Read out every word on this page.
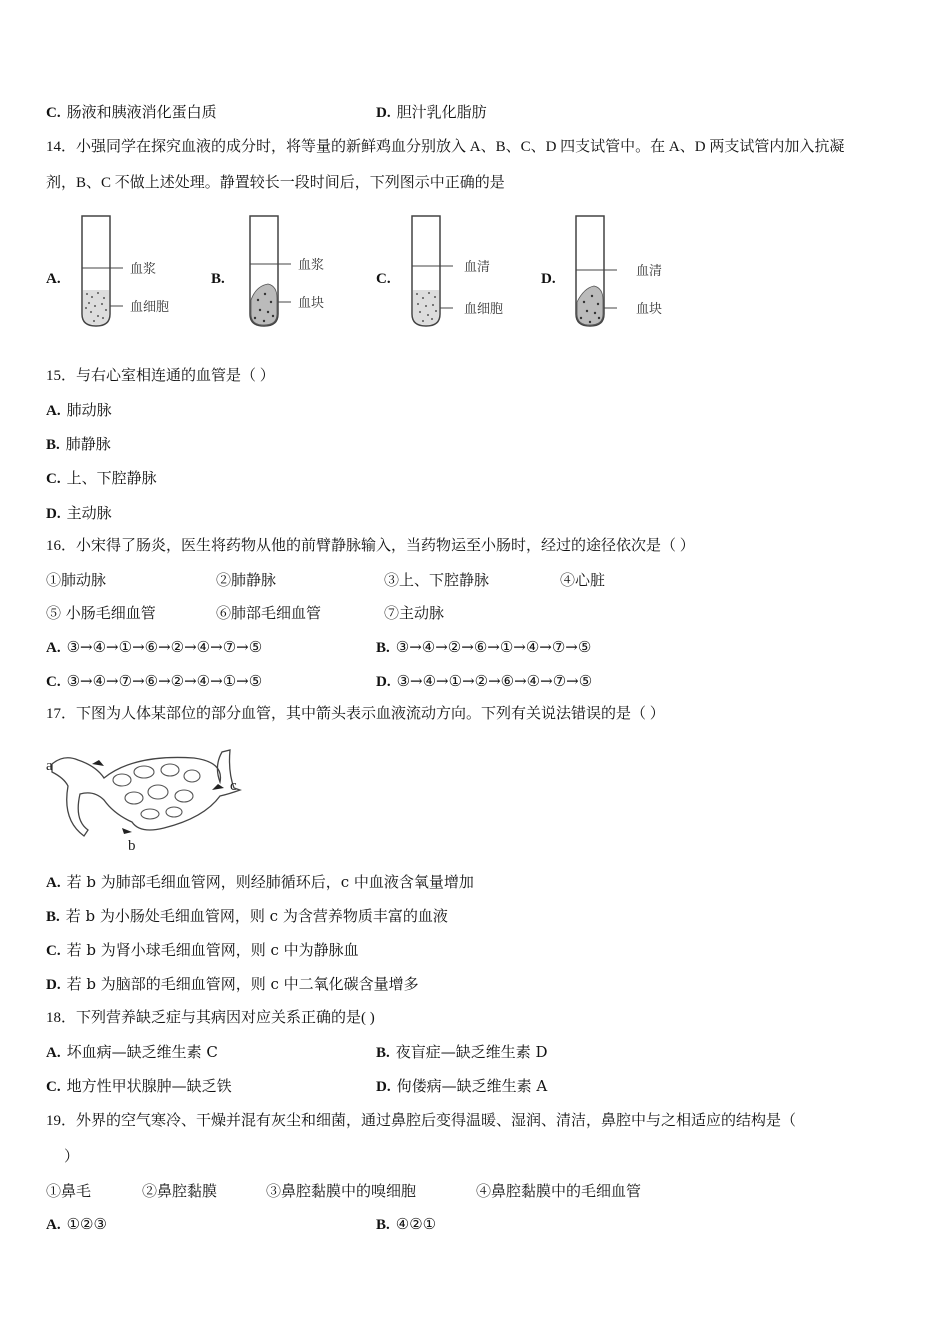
C. 肠液和胰液消化蛋白质	D. 胆汁乳化脂肪
14．小强同学在探究血液的成分时，将等量的新鲜鸡血分别放入 A、B、C、D 四支试管中。在 A、D 两支试管内加入抗凝
剂，B、C 不做上述处理。静置较长一段时间后，下列图示中正确的是
A.
血浆
血细胞
B.
血浆
血块
C.
血清
血细胞
D.	血清
血块
15．与右心室相连通的血管是（ ）
A. 肺动脉
B. 肺静脉
C. 上、下腔静脉
D. 主动脉
16．小宋得了肠炎，医生将药物从他的前臂静脉输入，当药物运至小肠时，经过的途径依次是（ ）
①肺动脉	②肺静脉	③上、下腔静脉	④心脏
⑤ 小肠毛细血管	⑥肺部毛细血管	⑦主动脉
A. ③→④→①→⑥→②→④→⑦→⑤	B. ③→④→②→⑥→①→④→⑦→⑤
C. ③→④→⑦→⑥→②→④→①→⑤	D. ③→④→①→②→⑥→④→⑦→⑤
17．下图为人体某部位的部分血管，其中箭头表示血液流动方向。下列有关说法错误的是（ ）
a
c
b
A. 若 b 为肺部毛细血管网，则经肺循环后，c 中血液含氧量增加
B. 若 b 为小肠处毛细血管网，则 c 为含营养物质丰富的血液
C. 若 b 为肾小球毛细血管网，则 c 中为静脉血
D. 若 b 为脑部的毛细血管网，则 c 中二氧化碳含量增多
18．下列营养缺乏症与其病因对应关系正确的是( )
A. 坏血病—缺乏维生素 C	B. 夜盲症—缺乏维生素 D
C. 地方性甲状腺肿—缺乏铁	D. 佝偻病—缺乏维生素 A
19．外界的空气寒冷、干燥并混有灰尘和细菌，通过鼻腔后变得温暖、湿润、清洁，鼻腔中与之相适应的结构是（
）
①鼻毛	②鼻腔黏膜	③鼻腔黏膜中的嗅细胞	④鼻腔黏膜中的毛细血管
A. ①②③	B. ④②①
